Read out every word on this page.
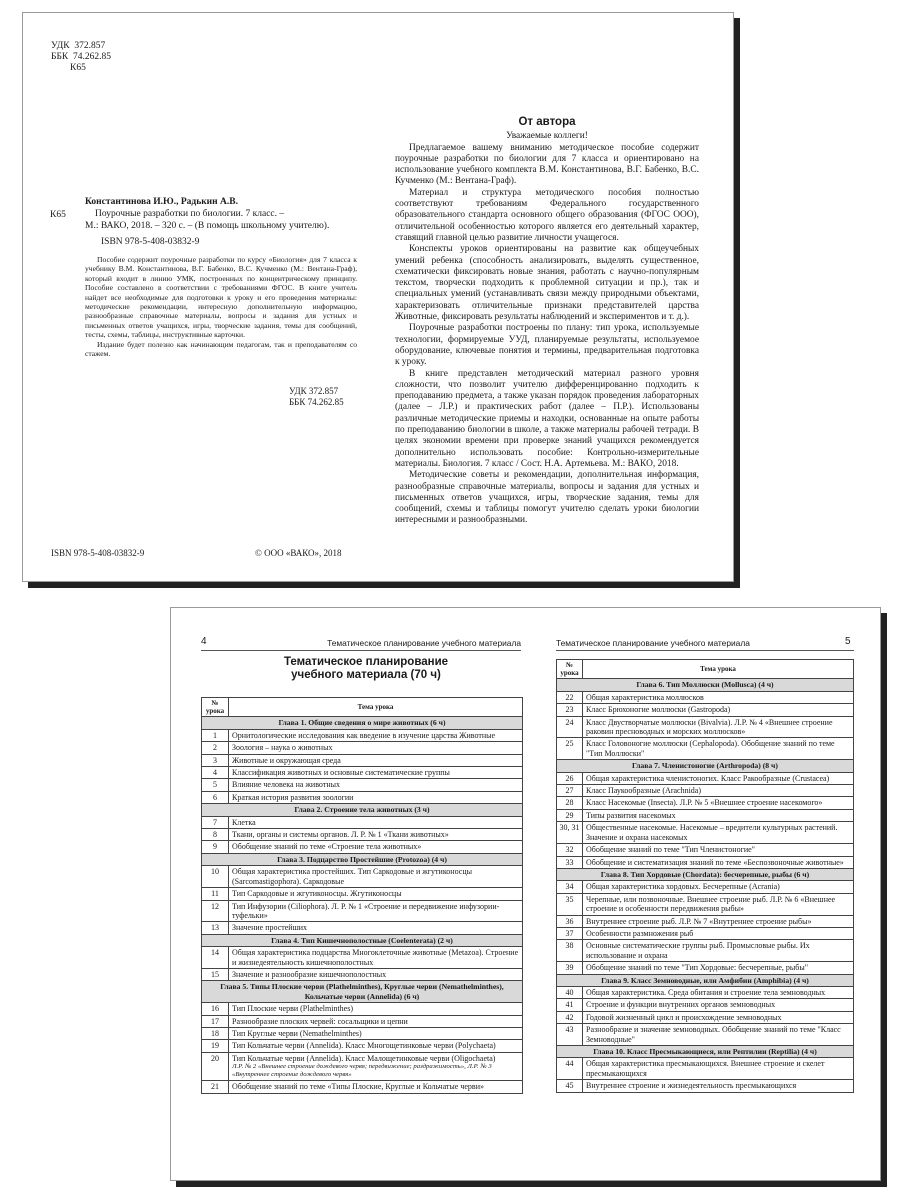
УДК  372.857
ББК  74.262.85
К65
Константинова И.Ю., Радькин А.В.
К65	Поурочные разработки по биологии. 7 класс. –
М.: ВАКО, 2018. – 320 с. – (В помощь школьному учителю).
ISBN 978-5-408-03832-9

Пособие содержит поурочные разработки по курсу «Биология» для 7 класса к учебнику В.М. Константинова, В.Г. Бабенко, В.С. Кучменко (М.: Вентана-Граф), который входит в линию УМК, построенных по концентрическому принципу. Пособие составлено в соответствии с требованиями ФГОС. В книге учитель найдет все необходимые для подготовки к уроку и его проведения материалы: методические рекомендации, интересную дополнительную информацию, разнообразные справочные материалы, вопросы и задания для устных и письменных ответов учащихся, игры, творческие задания, темы для сообщений, тесты, схемы, таблицы, инструктивные карточки.

Издание будет полезно как начинающим педагогам, так и преподавателям со стажем.

УДК 372.857
ББК 74.262.85
ISBN 978-5-408-03832-9	© ООО «ВАКО», 2018
От автора

Уважаемые коллеги!

Предлагаемое вашему вниманию методическое пособие содержит поурочные разработки по биологии для 7 класса и ориентировано на использование учебного комплекта В.М. Константинова, В.Г. Бабенко, В.С. Кучменко (М.: Вентана-Граф).

Материал и структура методического пособия полностью соответствуют требованиям Федерального государственного образовательного стандарта основного общего образования (ФГОС ООО), отличительной особенностью которого является его деятельный характер, ставящий главной целью развитие личности учащегося.

Конспекты уроков ориентированы на развитие как общеучебных умений ребенка (способность анализировать, выделять существенное, схематически фиксировать новые знания, работать с научно-популярным текстом, творчески подходить к проблемной ситуации и пр.), так и специальных умений (устанавливать связи между природными объектами, характеризовать отличительные признаки представителей царства Животные, фиксировать результаты наблюдений и экспериментов и т. д.).

Поурочные разработки построены по плану: тип урока, используемые технологии, формируемые УУД, планируемые результаты, используемое оборудование, ключевые понятия и термины, предварительная подготовка к уроку.

В книге представлен методический материал разного уровня сложности, что позволит учителю дифференцированно подходить к преподаванию предмета, а также указан порядок проведения лабораторных (далее – Л.Р.) и практических работ (далее – П.Р.). Использованы различные методические приемы и находки, основанные на опыте работы по преподаванию биологии в школе, а также материалы рабочей тетради. В целях экономии времени при проверке знаний учащихся рекомендуется дополнительно использовать пособие: Контрольно-измерительные материалы. Биология. 7 класс / Сост. Н.А. Артемьева. М.: ВАКО, 2018.

Методические советы и рекомендации, дополнительная информация, разнообразные справочные материалы, вопросы и задания для устных и письменных ответов учащихся, игры, творческие задания, темы для сообщений, схемы и таблицы помогут учителю сделать уроки биологии интересными и разнообразными.

4	Тематическое планирование учебного материала	Тематическое планирование учебного материала	5
Тематическое планирование
учебного материала (70 ч)
№ урока	Тема урока
Глава 1. Общие сведения о мире животных (6 ч)	
1	Орнитологические исследования как введение в изучение царства Животные
2	Зоология – наука о животных
3	Животные и окружающая среда
4	Классификация животных и основные систематические группы
5	Влияние человека на животных
6	Краткая история развития зоологии
Глава 2. Строение тела животных (3 ч)	
7	Клетка
8	Ткани, органы и системы органов. Л. Р. № 1 «Ткани животных»
9	Обобщение знаний по теме «Строение тела животных»
Глава 3. Подцарство Простейшие (Protozoa) (4 ч)	
10	Общая характеристика простейших. Тип Саркодовые и жгутиконосцы (Sarcomastigophora). Саркодовые
11	Тип Саркодовые и жгутиконосцы. Жгутиконосцы
12	Тип Инфузории (Ciliophora). Л. Р. № 1 «Строение и передвижение инфузории-туфельки»
13	Значение простейших
Глава 4. Тип Кишечнополостные (Coelenterata) (2 ч)	
14	Общая характеристика подцарства Многоклеточные животные (Metazoa). Строение и жизнедеятельность кишечнополостных
15	Значение и разнообразие кишечнополостных
Глава 5. Типы Плоские черви (Plathelminthes), Круглые черви (Nemathelminthes), Кольчатые черви (Annelida) (6 ч)	
16	Тип Плоские черви (Plathelminthes)
17	Разнообразие плоских червей: сосальщики и цепни
18	Тип Круглые черви (Nemathelminthes)
19	Тип Кольчатые черви (Annelida). Класс Многощетинковые черви (Polychaeta)
20	Тип Кольчатые черви (Annelida). Класс Малощетинковые черви (Oligochaeta)
Л.Р. № 2 «Внешнее строение дождевого червя; передвижение; раздражимость», Л.Р. № 3 «Внутреннее строение дождевого червя»

21	Обобщение знаний по теме «Типы Плоские, Круглые и Кольчатые черви»
№ урока	Тема урока
Глава 6. Тип Моллюски (Mollusca) (4 ч)	
22	Общая характеристика моллюсков
23	Класс Брюхоногие моллюски (Gastropoda)
24	Класс Двустворчатые моллюски (Bivalvia). Л.Р. № 4 «Внешнее строение раковин пресноводных и морских моллюсков»
25	Класс Головоногие моллюски (Cephalopoda). Обобщение знаний по теме "Тип Моллюски"
Глава 7. Членистоногие (Arthropoda) (8 ч)	
26	Общая характеристика членистоногих. Класс Ракообразные (Crustacea)
27	Класс Паукообразные (Arachnida)
28	Класс Насекомые (Insecta). Л.Р. № 5 «Внешнее строение насекомого»
29	Типы развития насекомых
30, 31	Общественные насекомые. Насекомые – вредители культурных растений. Значение и охрана насекомых
32	Обобщение знаний по теме "Тип Членистоногие"
33	Обобщение и систематизация знаний по теме «Беспозвоночные животные»
Глава 8. Тип Хордовые (Chordata): бесчерепные, рыбы (6 ч)	
34	Общая характеристика хордовых. Бесчерепные (Acrania)
35	Черепные, или позвоночные. Внешнее строение рыб. Л.Р. № 6 «Внешнее строение и особенности передвижения рыбы»
36	Внутреннее строение рыб. Л.Р. № 7 «Внутреннее строение рыбы»
37	Особенности размножения рыб
38	Основные систематические группы рыб. Промысловые рыбы. Их использование и охрана
39	Обобщение знаний по теме "Тип Хордовые: бесчерепные, рыбы"
Глава 9. Класс Земноводные, или Амфибии (Amphibia) (4 ч)	
40	Общая характеристика. Среда обитания и строение тела земноводных
41	Строение и функции внутренних органов земноводных
42	Годовой жизненный цикл и происхождение земноводных
43	Разнообразие и значение земноводных. Обобщение знаний по теме "Класс Земноводные"
Глава 10. Класс Пресмыкающиеся, или Рептилии (Reptilia) (4 ч)	
44	Общая характеристика пресмыкающихся. Внешнее строение и скелет пресмыкающихся
45	Внутреннее строение и жизнедеятельность пресмыкающихся
